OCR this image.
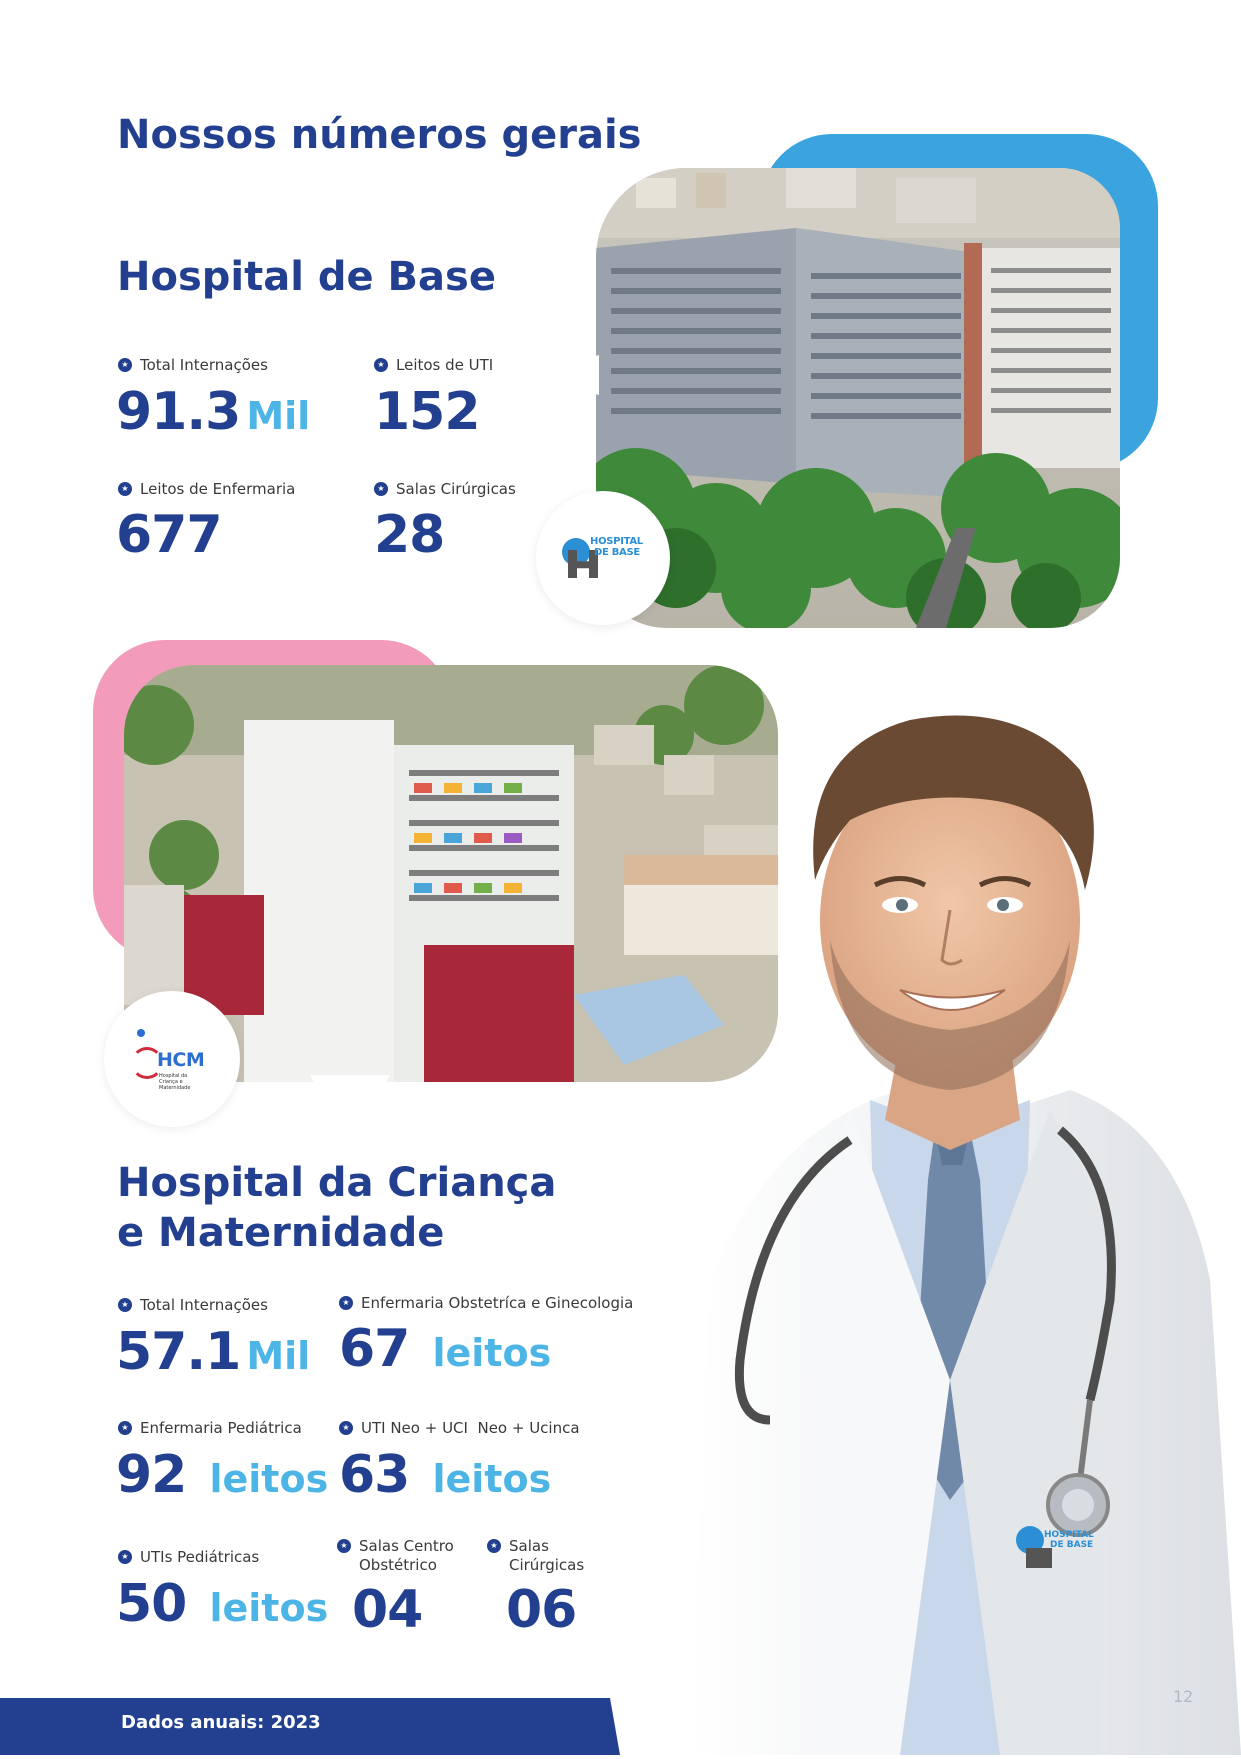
Nossos números gerais
HOSPITAL
DE BASE
Hospital de Base
★
Total Internações
91.3 Mil
★
Leitos de UTI
152
★
Leitos de Enfermaria
677
★
Salas Cirúrgicas
28
HOSPITAL
DE BASE
HCM
Hospital da Criança e Maternidade
Hospital da Criança
e Maternidade
★
Total Internações
57.1 Mil
★
Enfermaria Obstetríca e Ginecologia
67 leitos
★
Enfermaria Pediátrica
92 leitos
★
UTI Neo + UCI  Neo + Ucinca
63 leitos
★
UTIs Pediátricas
50 leitos
★
Salas Centro Obstétrico
04
★
Salas Cirúrgicas
06
Dados anuais: 2023
12
